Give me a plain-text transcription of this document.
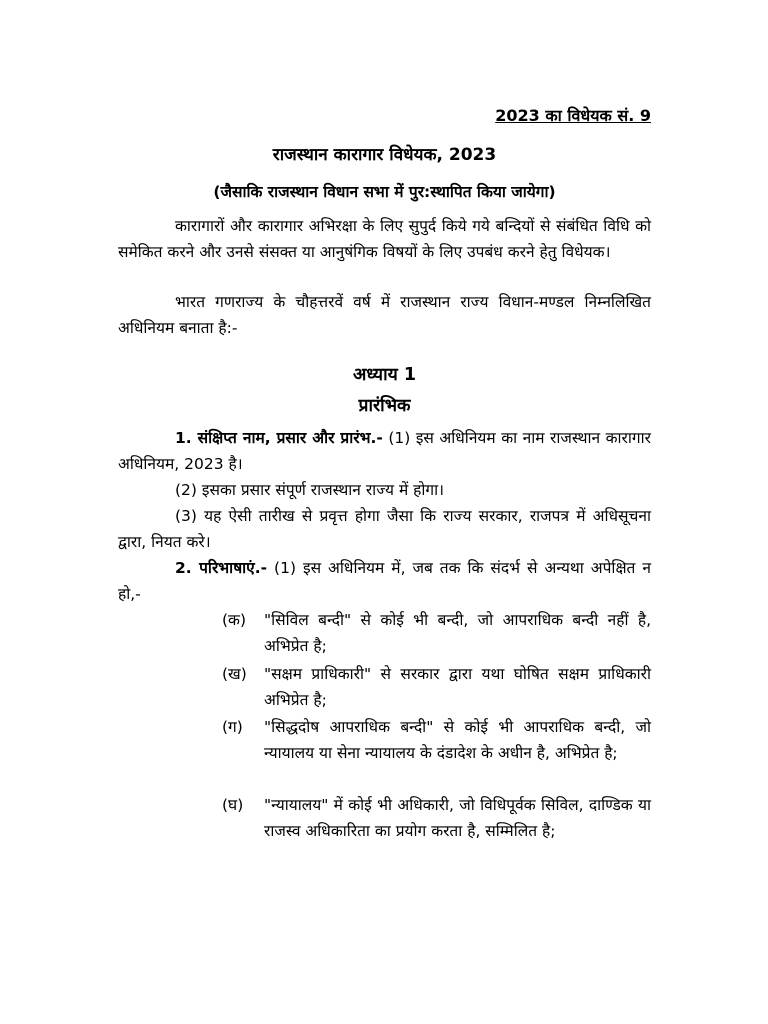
2023 का विधेयक सं. 9
राजस्थान कारागार विधेयक, 2023
(जैसाकि राजस्थान विधान सभा में पुर:स्थापित किया जायेगा)
कारागारों और कारागार अभिरक्षा के लिए सुपुर्द किये गये बन्दियों से संबंधित विधि को समेकित करने और उनसे संसक्त या आनुषंगिक विषयों के लिए उपबंध करने हेतु विधेयक।
भारत गणराज्य के चौहत्तरवें वर्ष में राजस्थान राज्य विधान-मण्डल निम्नलिखित अधिनियम बनाता है:-
अध्याय 1
प्रारंभिक
1. संक्षिप्त नाम, प्रसार और प्रारंभ.- (1) इस अधिनियम का नाम राजस्थान कारागार अधिनियम, 2023 है।
(2) इसका प्रसार संपूर्ण राजस्थान राज्य में होगा।
(3) यह ऐसी तारीख से प्रवृत्त होगा जैसा कि राज्य सरकार, राजपत्र में अधिसूचना द्वारा, नियत करे।
2. परिभाषाएं.- (1) इस अधिनियम में, जब तक कि संदर्भ से अन्यथा अपेक्षित न हो,-
(क) "सिविल बन्दी" से कोई भी बन्दी, जो आपराधिक बन्दी नहीं है, अभिप्रेत है;
(ख) "सक्षम प्राधिकारी" से सरकार द्वारा यथा घोषित सक्षम प्राधिकारी अभिप्रेत है;
(ग) "सिद्धदोष आपराधिक बन्दी" से कोई भी आपराधिक बन्दी, जो न्यायालय या सेना न्यायालय के दंडादेश के अधीन है, अभिप्रेत है;
(घ) "न्यायालय" में कोई भी अधिकारी, जो विधिपूर्वक सिविल, दाण्डिक या राजस्व अधिकारिता का प्रयोग करता है, सम्मिलित है;
